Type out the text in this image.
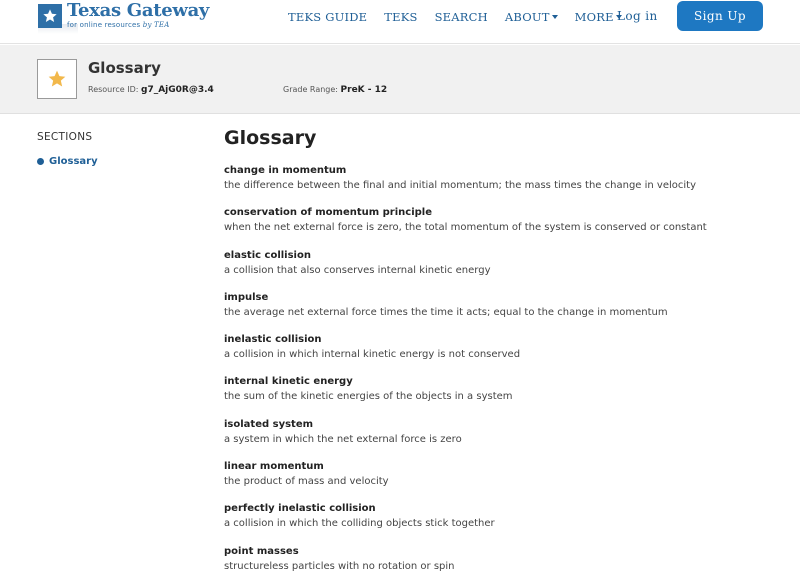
Texas Gateway
for online resources by TEA
TEKS GUIDE TEKS SEARCH ABOUT	MORE Log in	Sign Up
Glossary
Resource ID: g7_AjG0R@3.4	Grade Range: PreK - 12
SECTIONS
Glossary
Glossary
change in momentum
the difference between the final and initial momentum; the mass times the change in velocity
conservation of momentum principle
when the net external force is zero, the total momentum of the system is conserved or constant
elastic collision
a collision that also conserves internal kinetic energy
impulse
the average net external force times the time it acts; equal to the change in momentum
inelastic collision
a collision in which internal kinetic energy is not conserved
internal kinetic energy
the sum of the kinetic energies of the objects in a system
isolated system
a system in which the net external force is zero
linear momentum
the product of mass and velocity
perfectly inelastic collision
a collision in which the colliding objects stick together
point masses
structureless particles with no rotation or spin
